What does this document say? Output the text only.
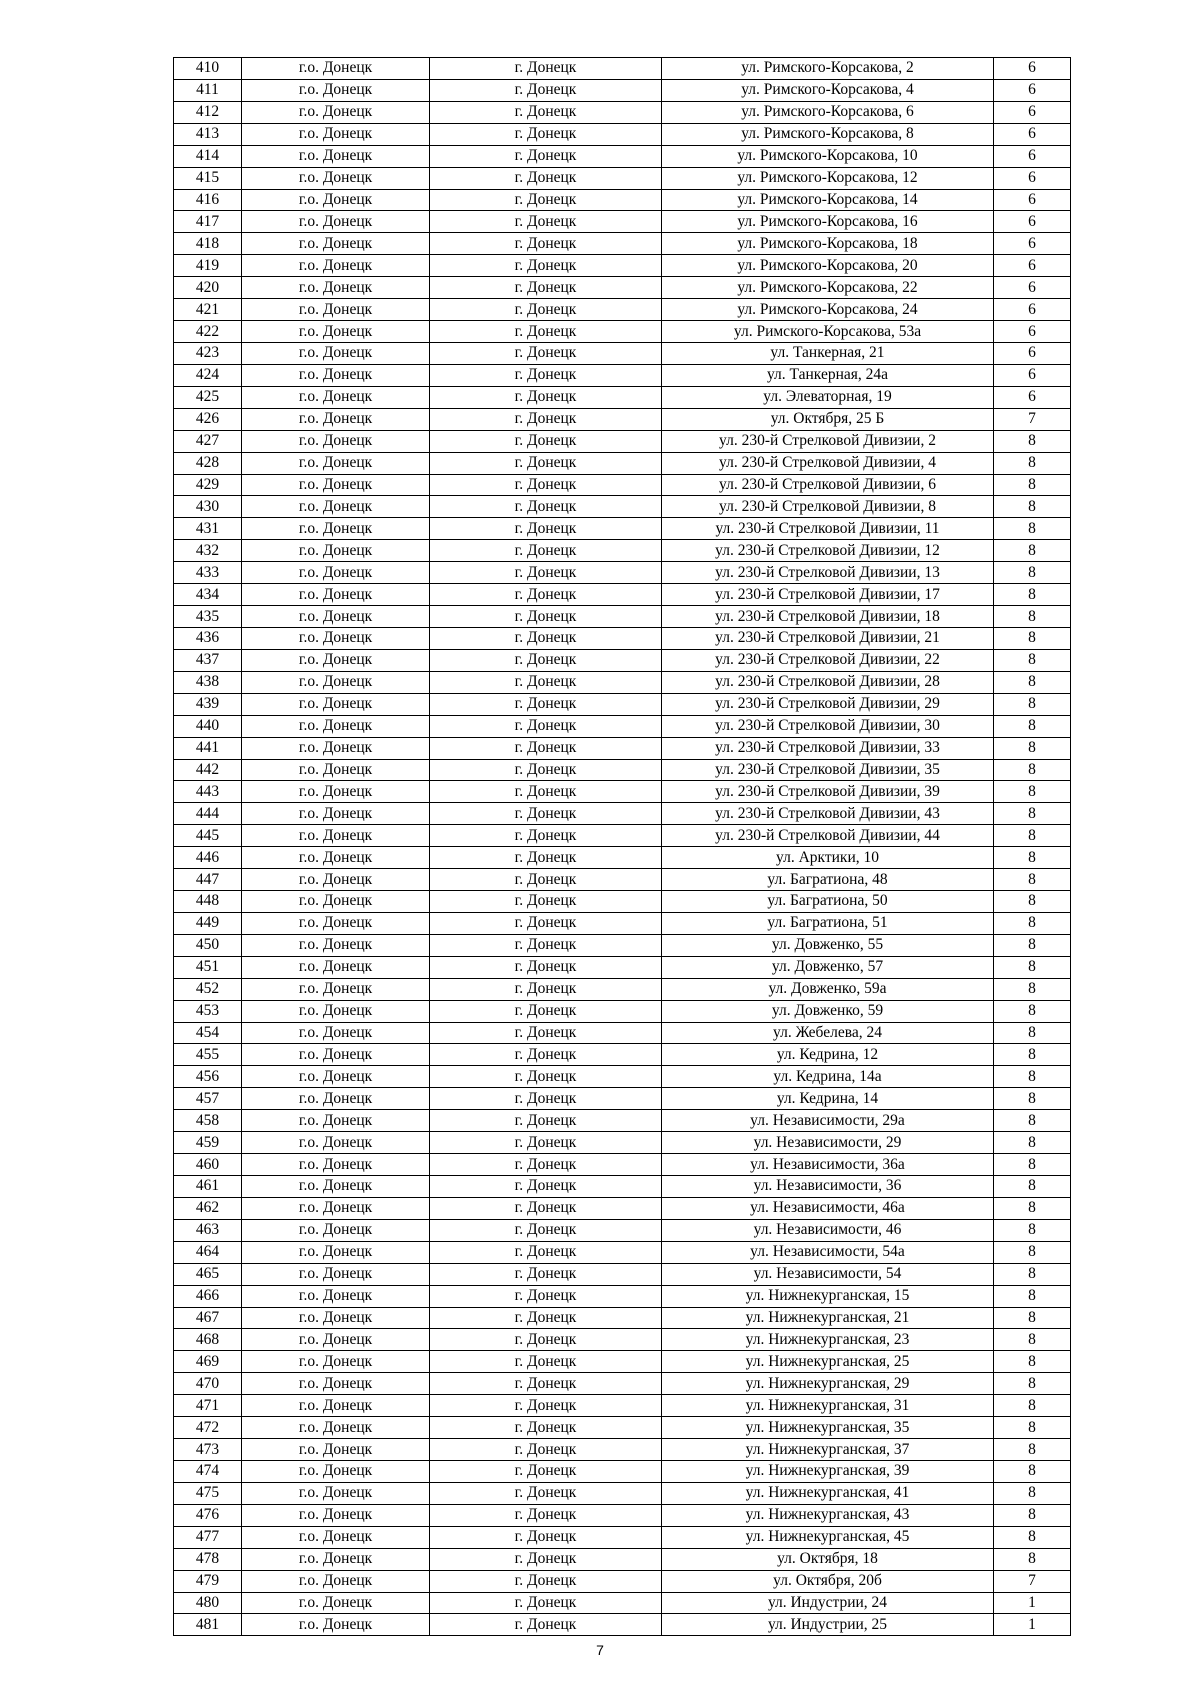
410	г.о. Донецк	г. Донецк	ул. Римского-Корсакова, 2	6
411	г.о. Донецк	г. Донецк	ул. Римского-Корсакова, 4	6
412	г.о. Донецк	г. Донецк	ул. Римского-Корсакова, 6	6
413	г.о. Донецк	г. Донецк	ул. Римского-Корсакова, 8	6
414	г.о. Донецк	г. Донецк	ул. Римского-Корсакова, 10	6
415	г.о. Донецк	г. Донецк	ул. Римского-Корсакова, 12	6
416	г.о. Донецк	г. Донецк	ул. Римского-Корсакова, 14	6
417	г.о. Донецк	г. Донецк	ул. Римского-Корсакова, 16	6
418	г.о. Донецк	г. Донецк	ул. Римского-Корсакова, 18	6
419	г.о. Донецк	г. Донецк	ул. Римского-Корсакова, 20	6
420	г.о. Донецк	г. Донецк	ул. Римского-Корсакова, 22	6
421	г.о. Донецк	г. Донецк	ул. Римского-Корсакова, 24	6
422	г.о. Донецк	г. Донецк	ул. Римского-Корсакова, 53а	6
423	г.о. Донецк	г. Донецк	ул. Танкерная, 21	6
424	г.о. Донецк	г. Донецк	ул. Танкерная, 24а	6
425	г.о. Донецк	г. Донецк	ул. Элеваторная, 19	6
426	г.о. Донецк	г. Донецк	ул. Октября, 25 Б	7
427	г.о. Донецк	г. Донецк	ул. 230-й Стрелковой Дивизии, 2	8
428	г.о. Донецк	г. Донецк	ул. 230-й Стрелковой Дивизии, 4	8
429	г.о. Донецк	г. Донецк	ул. 230-й Стрелковой Дивизии, 6	8
430	г.о. Донецк	г. Донецк	ул. 230-й Стрелковой Дивизии, 8	8
431	г.о. Донецк	г. Донецк	ул. 230-й Стрелковой Дивизии, 11	8
432	г.о. Донецк	г. Донецк	ул. 230-й Стрелковой Дивизии, 12	8
433	г.о. Донецк	г. Донецк	ул. 230-й Стрелковой Дивизии, 13	8
434	г.о. Донецк	г. Донецк	ул. 230-й Стрелковой Дивизии, 17	8
435	г.о. Донецк	г. Донецк	ул. 230-й Стрелковой Дивизии, 18	8
436	г.о. Донецк	г. Донецк	ул. 230-й Стрелковой Дивизии, 21	8
437	г.о. Донецк	г. Донецк	ул. 230-й Стрелковой Дивизии, 22	8
438	г.о. Донецк	г. Донецк	ул. 230-й Стрелковой Дивизии, 28	8
439	г.о. Донецк	г. Донецк	ул. 230-й Стрелковой Дивизии, 29	8
440	г.о. Донецк	г. Донецк	ул. 230-й Стрелковой Дивизии, 30	8
441	г.о. Донецк	г. Донецк	ул. 230-й Стрелковой Дивизии, 33	8
442	г.о. Донецк	г. Донецк	ул. 230-й Стрелковой Дивизии, 35	8
443	г.о. Донецк	г. Донецк	ул. 230-й Стрелковой Дивизии, 39	8
444	г.о. Донецк	г. Донецк	ул. 230-й Стрелковой Дивизии, 43	8
445	г.о. Донецк	г. Донецк	ул. 230-й Стрелковой Дивизии, 44	8
446	г.о. Донецк	г. Донецк	ул. Арктики, 10	8
447	г.о. Донецк	г. Донецк	ул. Багратиона, 48	8
448	г.о. Донецк	г. Донецк	ул. Багратиона, 50	8
449	г.о. Донецк	г. Донецк	ул. Багратиона, 51	8
450	г.о. Донецк	г. Донецк	ул. Довженко, 55	8
451	г.о. Донецк	г. Донецк	ул. Довженко, 57	8
452	г.о. Донецк	г. Донецк	ул. Довженко, 59а	8
453	г.о. Донецк	г. Донецк	ул. Довженко, 59	8
454	г.о. Донецк	г. Донецк	ул. Жебелева, 24	8
455	г.о. Донецк	г. Донецк	ул. Кедрина, 12	8
456	г.о. Донецк	г. Донецк	ул. Кедрина, 14а	8
457	г.о. Донецк	г. Донецк	ул. Кедрина, 14	8
458	г.о. Донецк	г. Донецк	ул. Независимости, 29а	8
459	г.о. Донецк	г. Донецк	ул. Независимости, 29	8
460	г.о. Донецк	г. Донецк	ул. Независимости, 36а	8
461	г.о. Донецк	г. Донецк	ул. Независимости, 36	8
462	г.о. Донецк	г. Донецк	ул. Независимости, 46а	8
463	г.о. Донецк	г. Донецк	ул. Независимости, 46	8
464	г.о. Донецк	г. Донецк	ул. Независимости, 54а	8
465	г.о. Донецк	г. Донецк	ул. Независимости, 54	8
466	г.о. Донецк	г. Донецк	ул. Нижнекурганская, 15	8
467	г.о. Донецк	г. Донецк	ул. Нижнекурганская, 21	8
468	г.о. Донецк	г. Донецк	ул. Нижнекурганская, 23	8
469	г.о. Донецк	г. Донецк	ул. Нижнекурганская, 25	8
470	г.о. Донецк	г. Донецк	ул. Нижнекурганская, 29	8
471	г.о. Донецк	г. Донецк	ул. Нижнекурганская, 31	8
472	г.о. Донецк	г. Донецк	ул. Нижнекурганская, 35	8
473	г.о. Донецк	г. Донецк	ул. Нижнекурганская, 37	8
474	г.о. Донецк	г. Донецк	ул. Нижнекурганская, 39	8
475	г.о. Донецк	г. Донецк	ул. Нижнекурганская, 41	8
476	г.о. Донецк	г. Донецк	ул. Нижнекурганская, 43	8
477	г.о. Донецк	г. Донецк	ул. Нижнекурганская, 45	8
478	г.о. Донецк	г. Донецк	ул. Октября, 18	8
479	г.о. Донецк	г. Донецк	ул. Октября, 20б	7
480	г.о. Донецк	г. Донецк	ул. Индустрии, 24	1
481	г.о. Донецк	г. Донецк	ул. Индустрии, 25	1
7
